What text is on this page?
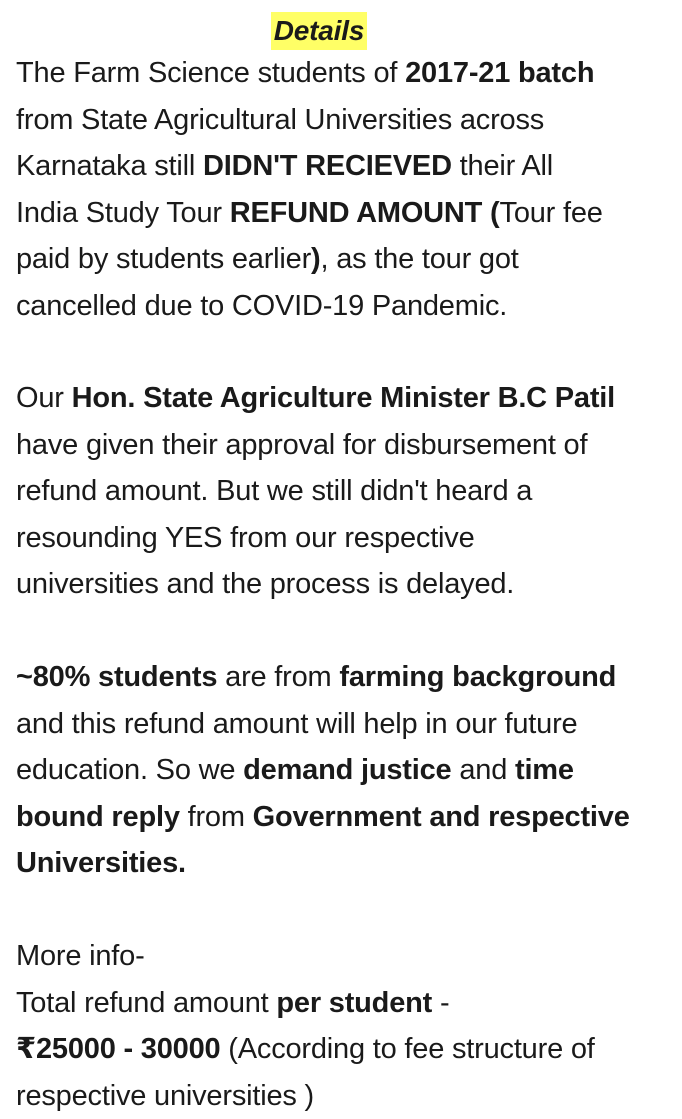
Details
The Farm Science students of 2017-21 batch
from State Agricultural Universities across
Karnataka still DIDN'T RECIEVED their All
India Study Tour REFUND AMOUNT (Tour fee
paid by students earlier), as the tour got
cancelled due to COVID-19 Pandemic.
Our Hon. State Agriculture Minister B.C Patil
have given their approval for disbursement of
refund amount. But we still didn't heard a
resounding YES from our respective
universities and the process is delayed.
~80% students are from farming background
and this refund amount will help in our future
education. So we demand justice and time
bound reply from Government and respective
Universities.
More info-
Total refund amount per student -
₹25000 - 30000 (According to fee structure of
respective universities )
